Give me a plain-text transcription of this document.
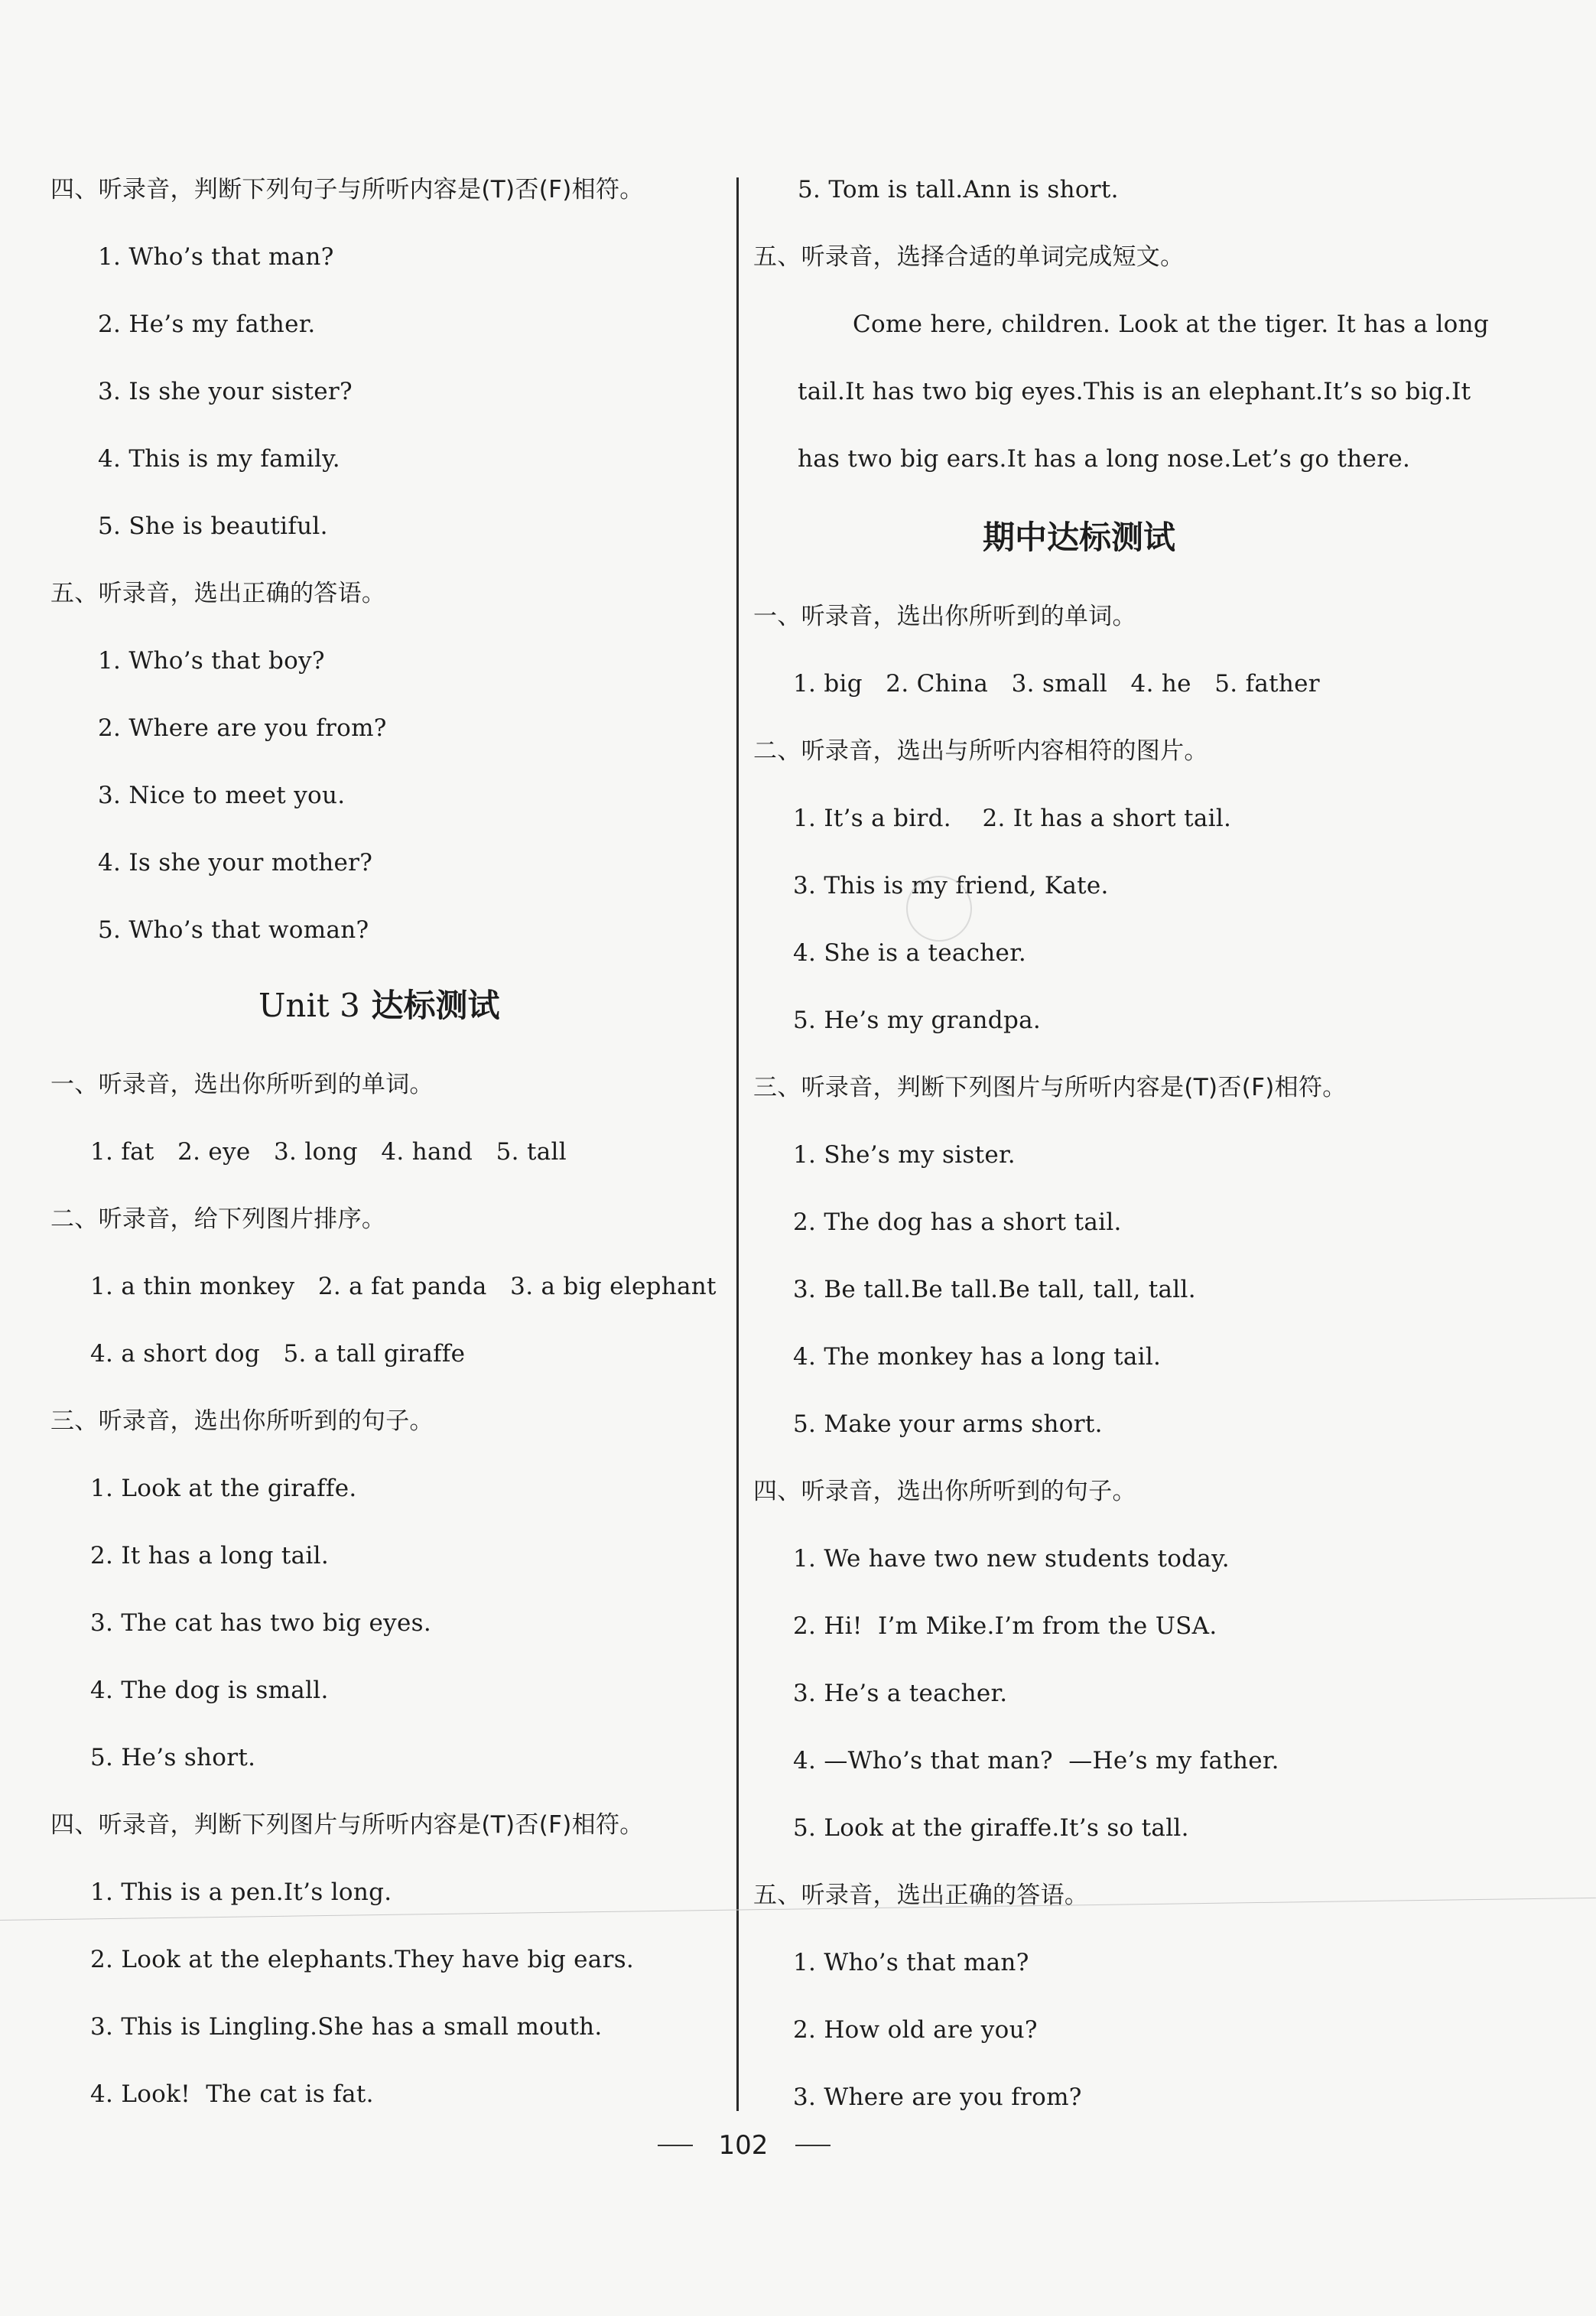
四、听录音，判断下列句子与所听内容是(T)否(F)相符。
1. Who’s that man?
2. He’s my father.
3. Is she your sister?
4. This is my family.
5. She is beautiful.
五、听录音，选出正确的答语。
1. Who’s that boy?
2. Where are you from?
3. Nice to meet you.
4. Is she your mother?
5. Who’s that woman?
Unit 3 达标测试
一、听录音，选出你所听到的单词。
1. fat   2. eye   3. long   4. hand   5. tall
二、听录音，给下列图片排序。
1. a thin monkey   2. a fat panda   3. a big elephant
4. a short dog   5. a tall giraffe
三、听录音，选出你所听到的句子。
1. Look at the giraffe.
2. It has a long tail.
3. The cat has two big eyes.
4. The dog is small.
5. He’s short.
四、听录音，判断下列图片与所听内容是(T)否(F)相符。
1. This is a pen.It’s long.
2. Look at the elephants.They have big ears.
3. This is Lingling.She has a small mouth.
4. Look!  The cat is fat.
5. Tom is tall.Ann is short.
五、听录音，选择合适的单词完成短文。
Come here, children. Look at the tiger. It has a long
tail.It has two big eyes.This is an elephant.It’s so big.It
has two big ears.It has a long nose.Let’s go there.
期中达标测试
一、听录音，选出你所听到的单词。
1. big   2. China   3. small   4. he   5. father
二、听录音，选出与所听内容相符的图片。
1. It’s a bird.    2. It has a short tail.
3. This is my friend, Kate.
4. She is a teacher.
5. He’s my grandpa.
三、听录音，判断下列图片与所听内容是(T)否(F)相符。
1. She’s my sister.
2. The dog has a short tail.
3. Be tall.Be tall.Be tall, tall, tall.
4. The monkey has a long tail.
5. Make your arms short.
四、听录音，选出你所听到的句子。
1. We have two new students today.
2. Hi!  I’m Mike.I’m from the USA.
3. He’s a teacher.
4. —Who’s that man?  —He’s my father.
5. Look at the giraffe.It’s so tall.
五、听录音，选出正确的答语。
1. Who’s that man?
2. How old are you?
3. Where are you from?
102
